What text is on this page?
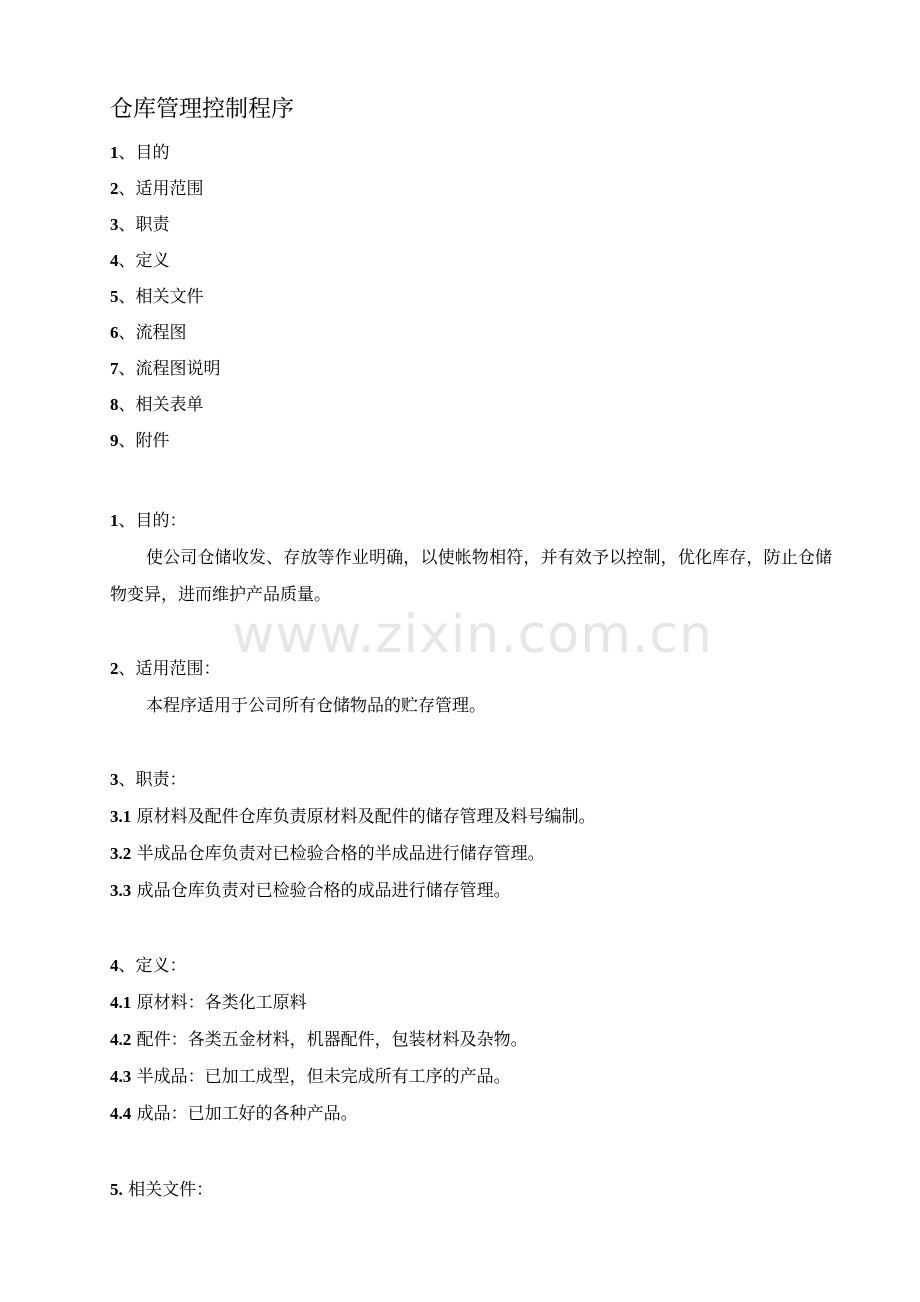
仓库管理控制程序
1、目的
2、适用范围
3、职责
4、定义
5、相关文件
6、流程图
7、流程图说明
8、相关表单
9、附件
1、目的：
使公司仓储收发、存放等作业明确，以使帐物相符，并有效予以控制，优化库存，防止仓储物变异，进而维护产品质量。
www.zixin.com.cn
2、适用范围：
本程序适用于公司所有仓储物品的贮存管理。
3、职责：
3.1 原材料及配件仓库负责原材料及配件的储存管理及料号编制。
3.2 半成品仓库负责对已检验合格的半成品进行储存管理。
3.3 成品仓库负责对已检验合格的成品进行储存管理。
4、定义：
4.1 原材料：各类化工原料
4.2 配件：各类五金材料，机器配件，包装材料及杂物。
4.3 半成品：已加工成型，但未完成所有工序的产品。
4.4 成品：已加工好的各种产品。
5. 相关文件：
